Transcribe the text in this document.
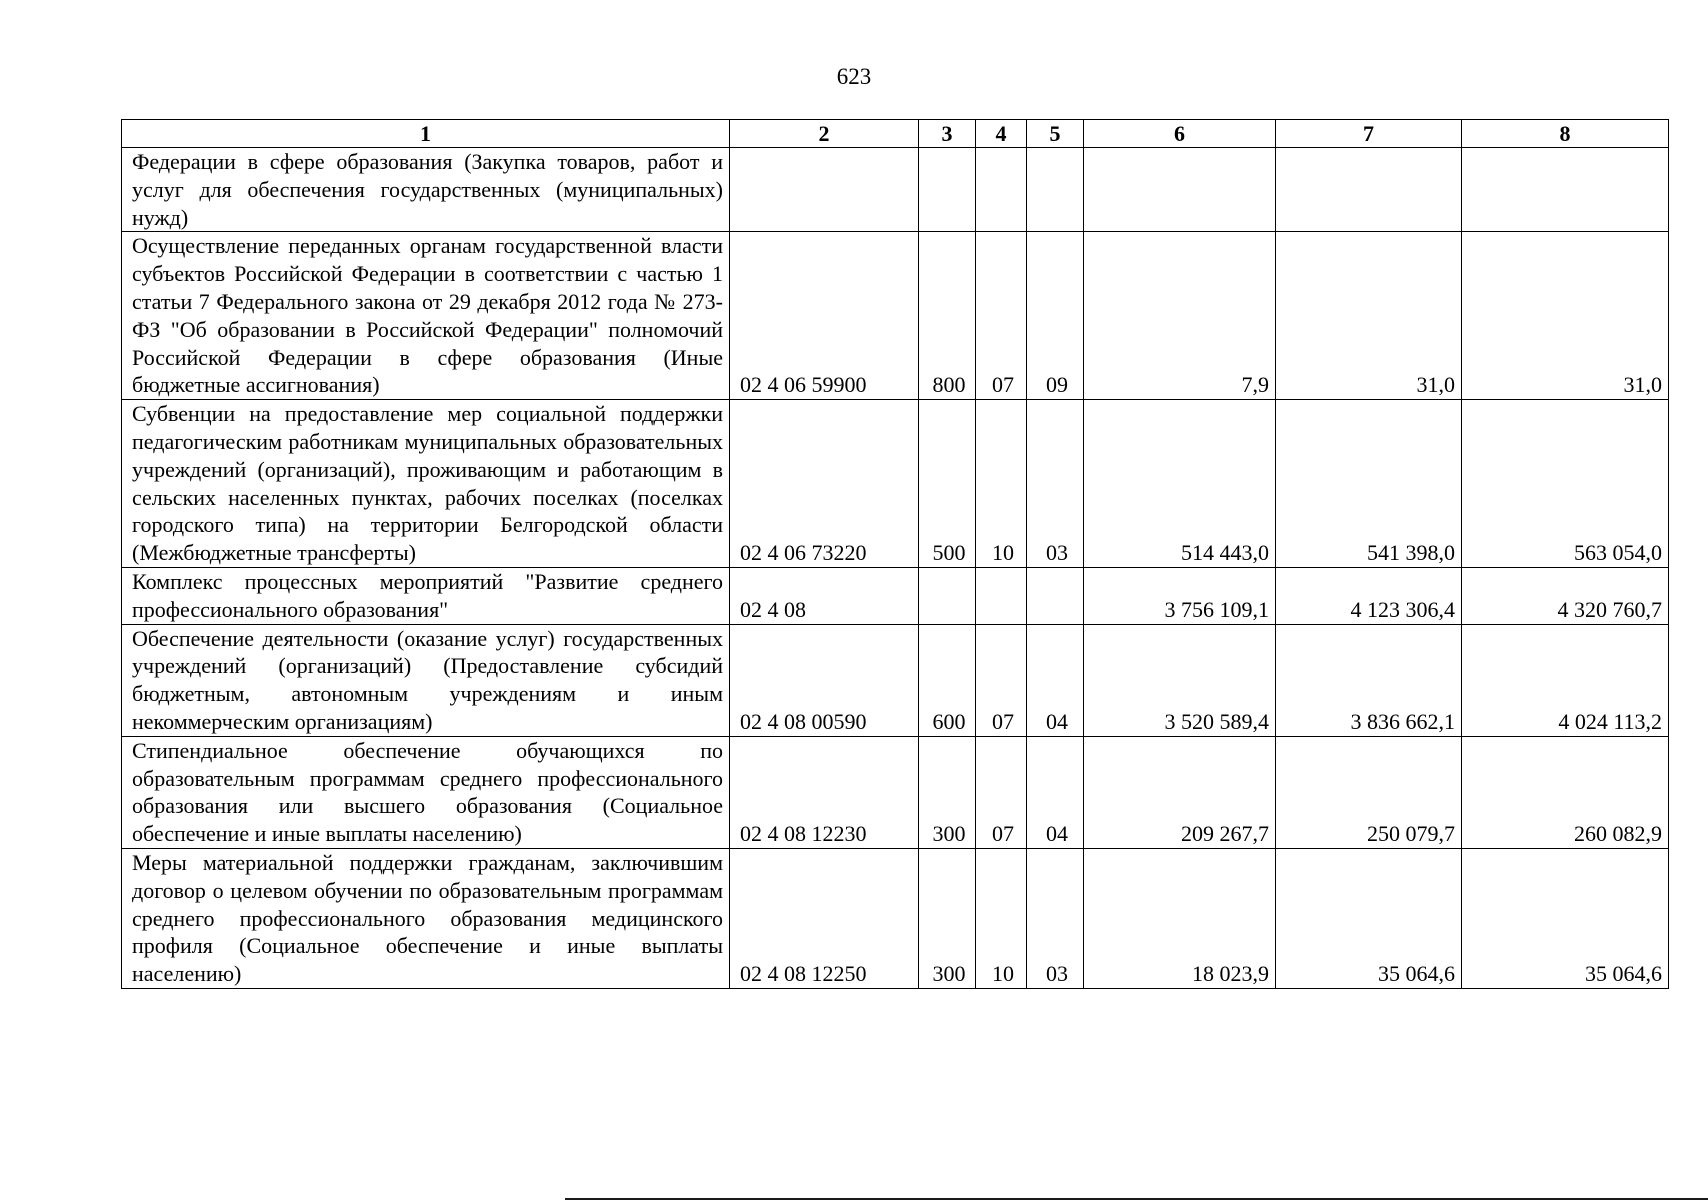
623
1	2	3	4	5	6	7	8
Федерации в сфере образования (Закупка товаров, работ и услуг для обеспечения государственных (муниципальных) нужд)							
Осуществление переданных органам государственной власти субъектов Российской Федерации в соответствии с частью 1 статьи 7 Федерального закона от 29 декабря 2012 года № 273-ФЗ "Об образовании в Российской Федерации" полномочий Российской Федерации в сфере образования (Иные бюджетные ассигнования)	02 4 06 59900	800	07	09	7,9	31,0	31,0
Субвенции на предоставление мер социальной поддержки педагогическим работникам муниципальных образовательных учреждений (организаций), проживающим и работающим в сельских населенных пунктах, рабочих поселках (поселках городского типа) на территории Белгородской области (Межбюджетные трансферты)	02 4 06 73220	500	10	03	514 443,0	541 398,0	563 054,0
Комплекс процессных мероприятий "Развитие среднего профессионального образования"	02 4 08				3 756 109,1	4 123 306,4	4 320 760,7
Обеспечение деятельности (оказание услуг) государственных учреждений (организаций) (Предоставление субсидий бюджетным, автономным учреждениям и иным некоммерческим организациям)	02 4 08 00590	600	07	04	3 520 589,4	3 836 662,1	4 024 113,2
Стипендиальное обеспечение обучающихся по образовательным программам среднего профессионального образования или высшего образования (Социальное обеспечение и иные выплаты населению)	02 4 08 12230	300	07	04	209 267,7	250 079,7	260 082,9
Меры материальной поддержки гражданам, заключившим договор о целевом обучении по образовательным программам среднего профессионального образования медицинского профиля (Социальное обеспечение и иные выплаты населению)	02 4 08 12250	300	10	03	18 023,9	35 064,6	35 064,6
